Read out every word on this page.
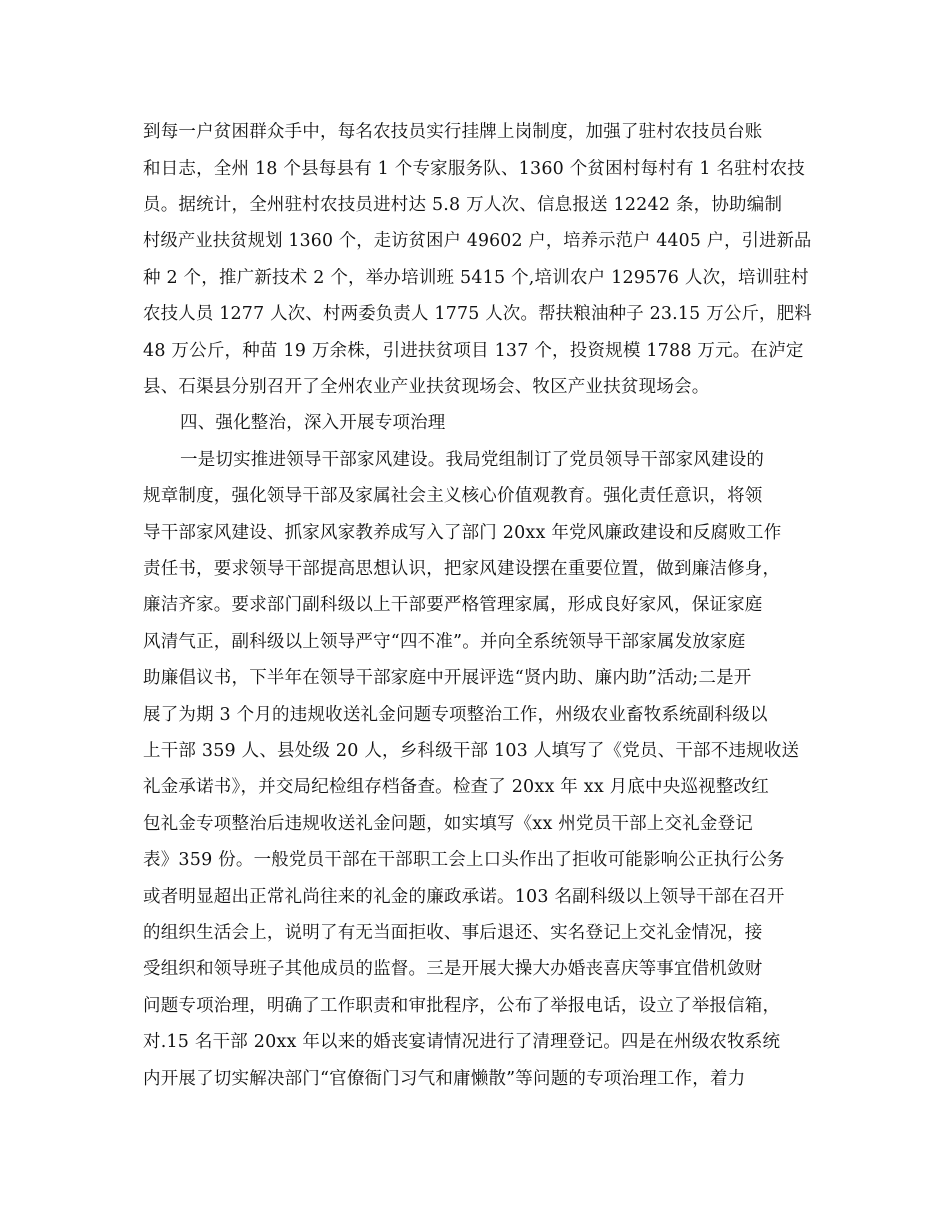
到每一户贫困群众手中，每名农技员实行挂牌上岗制度，加强了驻村农技员台账
和日志，全州 18 个县每县有 1 个专家服务队、1360 个贫困村每村有 1 名驻村农技
员。据统计，全州驻村农技员进村达 5.8 万人次、信息报送 12242 条，协助编制
村级产业扶贫规划 1360 个，走访贫困户 49602 户，培养示范户 4405 户，引进新品
种 2 个，推广新技术 2 个，举办培训班 5415 个,培训农户 129576 人次，培训驻村
农技人员 1277 人次、村两委负责人 1775 人次。帮扶粮油种子 23.15 万公斤，肥料
48 万公斤，种苗 19 万余株，引进扶贫项目 137 个，投资规模 1788 万元。在泸定
县、石渠县分别召开了全州农业产业扶贫现场会、牧区产业扶贫现场会。
四、强化整治，深入开展专项治理
一是切实推进领导干部家风建设。我局党组制订了党员领导干部家风建设的
规章制度，强化领导干部及家属社会主义核心价值观教育。强化责任意识，将领
导干部家风建设、抓家风家教养成写入了部门 20xx 年党风廉政建设和反腐败工作
责任书，要求领导干部提高思想认识，把家风建设摆在重要位置，做到廉洁修身，
廉洁齐家。要求部门副科级以上干部要严格管理家属，形成良好家风，保证家庭
风清气正，副科级以上领导严守“四不准”。并向全系统领导干部家属发放家庭
助廉倡议书，下半年在领导干部家庭中开展评选“贤内助、廉内助”活动;二是开
展了为期 3 个月的违规收送礼金问题专项整治工作，州级农业畜牧系统副科级以
上干部 359 人、县处级 20 人，乡科级干部 103 人填写了《党员、干部不违规收送
礼金承诺书》，并交局纪检组存档备查。检查了 20xx 年 xx 月底中央巡视整改红
包礼金专项整治后违规收送礼金问题，如实填写《xx 州党员干部上交礼金登记
表》359 份。一般党员干部在干部职工会上口头作出了拒收可能影响公正执行公务
或者明显超出正常礼尚往来的礼金的廉政承诺。103 名副科级以上领导干部在召开
的组织生活会上，说明了有无当面拒收、事后退还、实名登记上交礼金情况，接
受组织和领导班子其他成员的监督。三是开展大操大办婚丧喜庆等事宜借机敛财
问题专项治理，明确了工作职责和审批程序，公布了举报电话，设立了举报信箱，
对.15 名干部 20xx 年以来的婚丧宴请情况进行了清理登记。四是在州级农牧系统
内开展了切实解决部门“官僚衙门习气和庸懒散”等问题的专项治理工作，着力
